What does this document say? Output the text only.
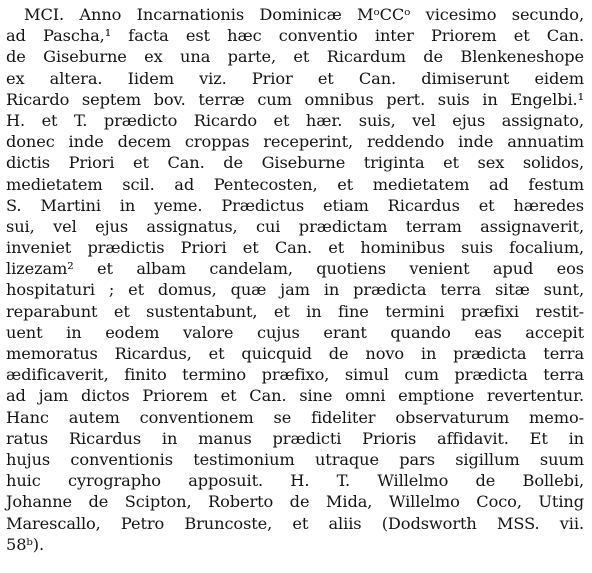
MCI. Anno Incarnationis Dominicæ MᵒCCᵒ vicesimo secundo,
ad Pascha,¹ facta est hæc conventio inter Priorem et Can.
de Giseburne ex una parte, et Ricardum de Blenkeneshope
ex altera. Iidem viz. Prior et Can. dimiserunt eidem
Ricardo septem bov. terræ cum omnibus pert. suis in Engelbi.¹
H. et T. prædicto Ricardo et hær. suis, vel ejus assignato,
donec inde decem croppas receperint, reddendo inde annuatim
dictis Priori et Can. de Giseburne triginta et sex solidos,
medietatem scil. ad Pentecosten, et medietatem ad festum
S. Martini in yeme. Prædictus etiam Ricardus et hæredes
sui, vel ejus assignatus, cui prædictam terram assignaverit,
inveniet prædictis Priori et Can. et hominibus suis focalium,
lizezam² et albam candelam, quotiens venient apud eos
hospitaturi ; et domus, quæ jam in prædicta terra sitæ sunt,
reparabunt et sustentabunt, et in fine termini præfixi restit-
uent in eodem valore cujus erant quando eas accepit
memoratus Ricardus, et quicquid de novo in prædicta terra
ædificaverit, finito termino præfixo, simul cum prædicta terra
ad jam dictos Priorem et Can. sine omni emptione revertentur.
Hanc autem conventionem se fideliter observaturum memo-
ratus Ricardus in manus prædicti Prioris affidavit. Et in
hujus conventionis testimonium utraque pars sigillum suum
huic cyrographo apposuit. H. T. Willelmo de Bollebi,
Johanne de Scipton, Roberto de Mida, Willelmo Coco, Uting
Marescallo, Petro Bruncoste, et aliis (Dodsworth MSS. vii.
58ᵇ).
